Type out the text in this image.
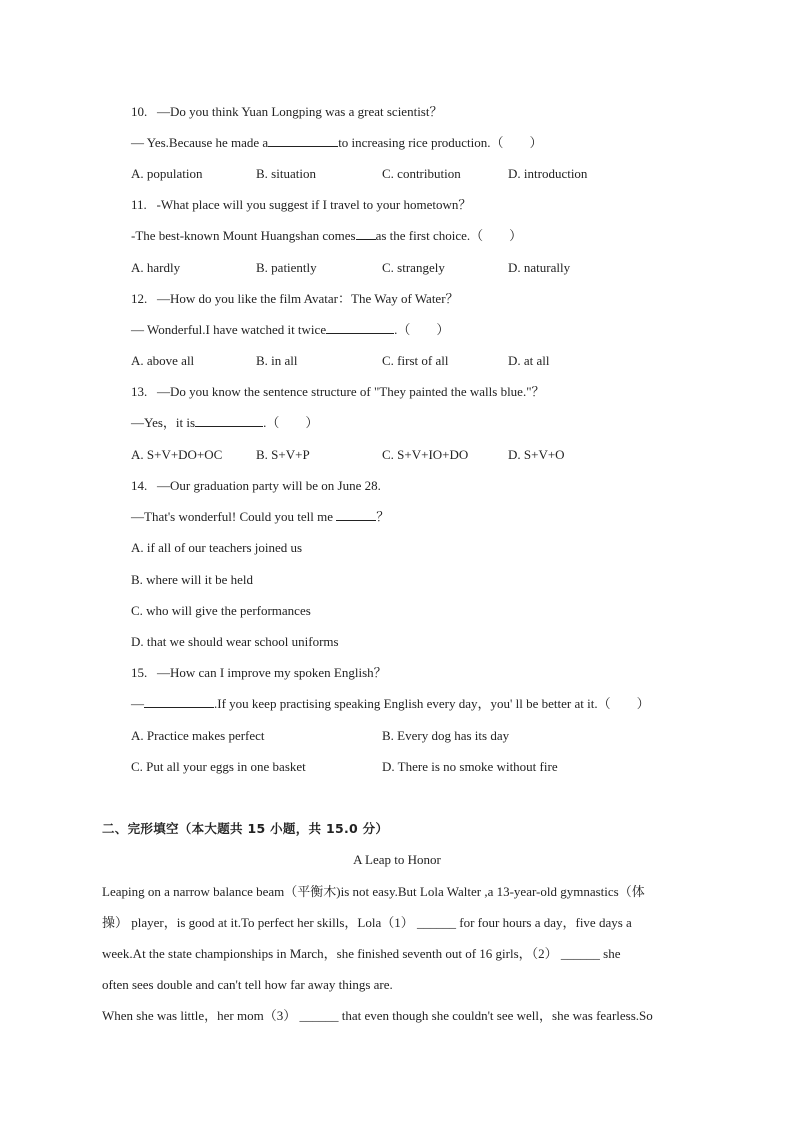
10. —Do you think Yuan Longping was a great scientist？
— Yes.Because he made a	to increasing rice production.（　　）
A. population	B. situation	C. contribution	D. introduction
11. -What place will you suggest if I travel to your hometown？
-The best-known Mount Huangshan comes as the first choice.（　　）
A. hardly	B. patiently	C. strangely	D. naturally
12. —How do you like the film Avatar：The Way of Water？
— Wonderful.I have watched it twice	.（　　）
A. above all	B. in all	C. first of all	D. at all
13. —Do you know the sentence structure of "They painted the walls blue."？
—Yes，it is	.（　　）
A. S+V+DO+OC	B. S+V+P	C. S+V+IO+DO	D. S+V+O
14. —Our graduation party will be on June 28.
—That's wonderful! Could you tell me	？
A. if all of our teachers joined us
B. where will it be held
C. who will give the performances
D. that we should wear school uniforms
15. —How can I improve my spoken English？
—	.If you keep practising speaking English every day，you' ll be better at it.（　　）
A. Practice makes perfect	B. Every dog has its day
C. Put all your eggs in one basket	D. There is no smoke without fire
二、完形填空（本大题共 15 小题，共 15.0 分）
A Leap to Honor
Leaping on a narrow balance beam（平衡木)is not easy.But Lola Walter ,a 13-year-old gymnastics（体
操） player，is good at it.To perfect her skills，Lola（1） ______ for four hours a day，five days a
week.At the state championships in March，she finished seventh out of 16 girls，（2） ______ she
often sees double and can't tell how far away things are.
When she was little，her mom（3） ______ that even though she couldn't see well，she was fearless.So
